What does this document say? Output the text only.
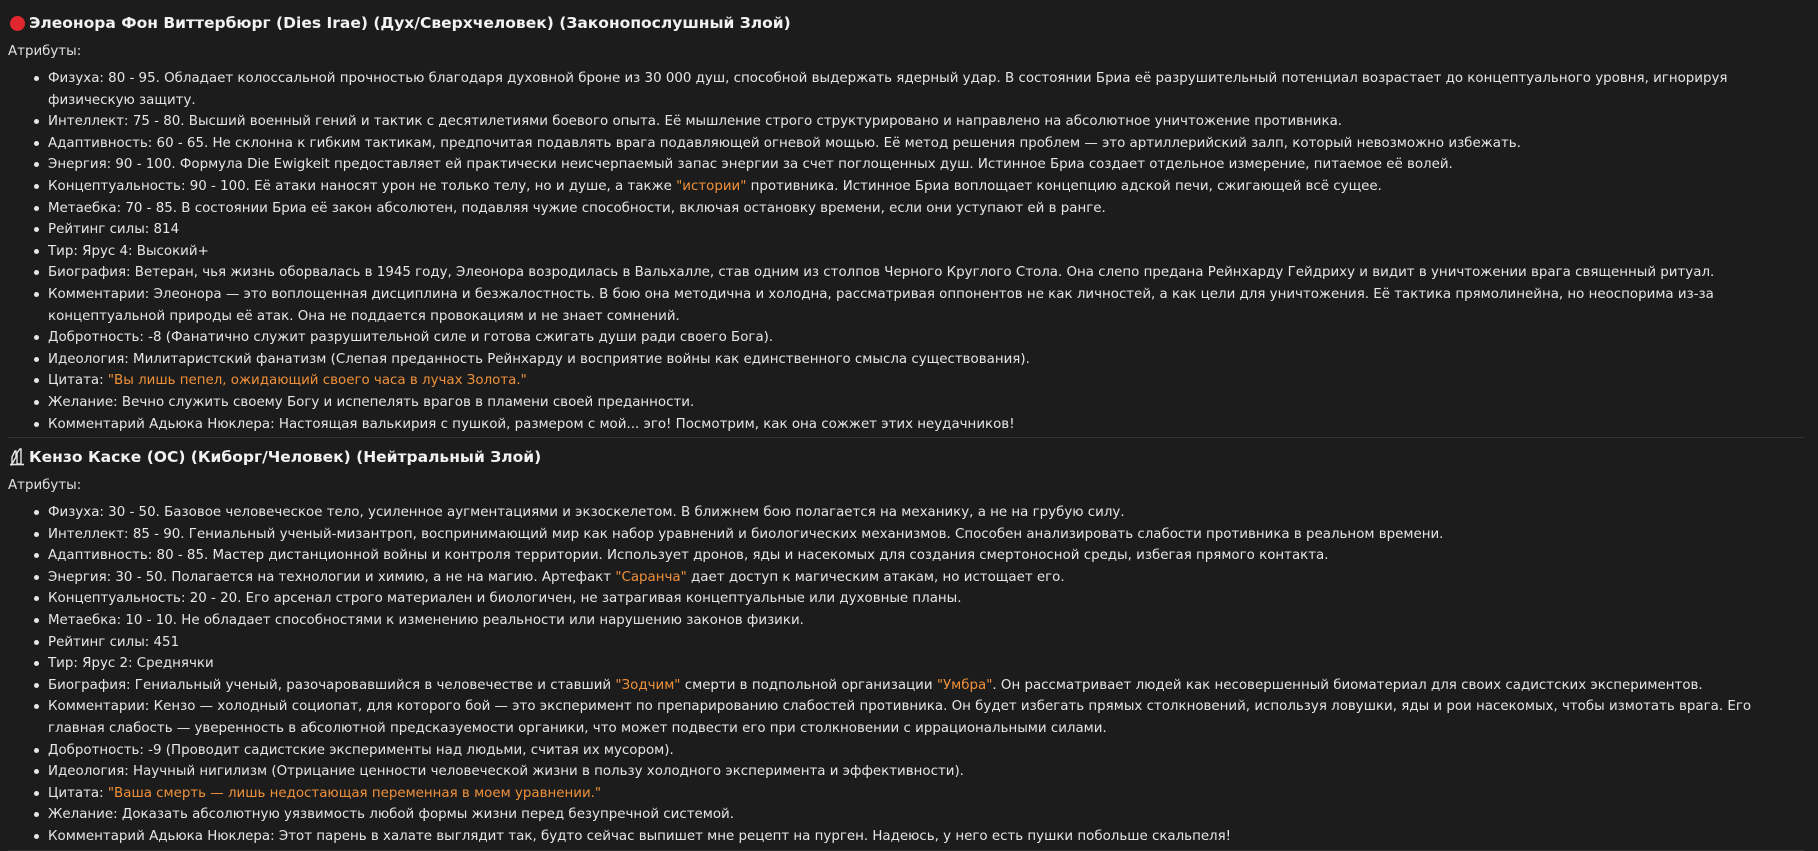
Элеонора Фон Виттербюрг (Dies Irae) (Дух/Сверхчеловек) (Законопослушный Злой)
Атрибуты:
Физуха: 80 - 95. Обладает колоссальной прочностью благодаря духовной броне из 30 000 душ, способной выдержать ядерный удар. В состоянии Бриа её разрушительный потенциал возрастает до концептуального уровня, игнорируя физическую защиту.
Интеллект: 75 - 80. Высший военный гений и тактик с десятилетиями боевого опыта. Её мышление строго структурировано и направлено на абсолютное уничтожение противника.
Адаптивность: 60 - 65. Не склонна к гибким тактикам, предпочитая подавлять врага подавляющей огневой мощью. Её метод решения проблем — это артиллерийский залп, который невозможно избежать.
Энергия: 90 - 100. Формула Die Ewigkeit предоставляет ей практически неисчерпаемый запас энергии за счет поглощенных душ. Истинное Бриа создает отдельное измерение, питаемое её волей.
Концептуальность: 90 - 100. Её атаки наносят урон не только телу, но и душе, а также "истории" противника. Истинное Бриа воплощает концепцию адской печи, сжигающей всё сущее.
Метаебка: 70 - 85. В состоянии Бриа её закон абсолютен, подавляя чужие способности, включая остановку времени, если они уступают ей в ранге.
Рейтинг силы: 814
Тир: Ярус 4: Высокий+
Биография: Ветеран, чья жизнь оборвалась в 1945 году, Элеонора возродилась в Вальхалле, став одним из столпов Черного Круглого Стола. Она слепо предана Рейнхарду Гейдриху и видит в уничтожении врага священный ритуал.
Комментарии: Элеонора — это воплощенная дисциплина и безжалостность. В бою она методична и холодна, рассматривая оппонентов не как личностей, а как цели для уничтожения. Её тактика прямолинейна, но неоспорима из-за концептуальной природы её атак. Она не поддается провокациям и не знает сомнений.
Добротность: -8 (Фанатично служит разрушительной силе и готова сжигать души ради своего Бога).
Идеология: Милитаристский фанатизм (Слепая преданность Рейнхарду и восприятие войны как единственного смысла существования).
Цитата: "Вы лишь пепел, ожидающий своего часа в лучах Золота."
Желание: Вечно служить своему Богу и испепелять врагов в пламени своей преданности.
Комментарий Адьюка Нюклера: Настоящая валькирия с пушкой, размером с мой... эго! Посмотрим, как она сожжет этих неудачников!
Кензо Каске (ОС) (Киборг/Человек) (Нейтральный Злой)
Атрибуты:
Физуха: 30 - 50. Базовое человеческое тело, усиленное аугментациями и экзоскелетом. В ближнем бою полагается на механику, а не на грубую силу.
Интеллект: 85 - 90. Гениальный ученый-мизантроп, воспринимающий мир как набор уравнений и биологических механизмов. Способен анализировать слабости противника в реальном времени.
Адаптивность: 80 - 85. Мастер дистанционной войны и контроля территории. Использует дронов, яды и насекомых для создания смертоносной среды, избегая прямого контакта.
Энергия: 30 - 50. Полагается на технологии и химию, а не на магию. Артефакт "Саранча" дает доступ к магическим атакам, но истощает его.
Концептуальность: 20 - 20. Его арсенал строго материален и биологичен, не затрагивая концептуальные или духовные планы.
Метаебка: 10 - 10. Не обладает способностями к изменению реальности или нарушению законов физики.
Рейтинг силы: 451
Тир: Ярус 2: Среднячки
Биография: Гениальный ученый, разочаровавшийся в человечестве и ставший "Зодчим" смерти в подпольной организации "Умбра". Он рассматривает людей как несовершенный биоматериал для своих садистских экспериментов.
Комментарии: Кензо — холодный социопат, для которого бой — это эксперимент по препарированию слабостей противника. Он будет избегать прямых столкновений, используя ловушки, яды и рои насекомых, чтобы измотать врага. Его главная слабость — уверенность в абсолютной предсказуемости органики, что может подвести его при столкновении с иррациональными силами.
Добротность: -9 (Проводит садистские эксперименты над людьми, считая их мусором).
Идеология: Научный нигилизм (Отрицание ценности человеческой жизни в пользу холодного эксперимента и эффективности).
Цитата: "Ваша смерть — лишь недостающая переменная в моем уравнении."
Желание: Доказать абсолютную уязвимость любой формы жизни перед безупречной системой.
Комментарий Адьюка Нюклера: Этот парень в халате выглядит так, будто сейчас выпишет мне рецепт на пурген. Надеюсь, у него есть пушки побольше скальпеля!
